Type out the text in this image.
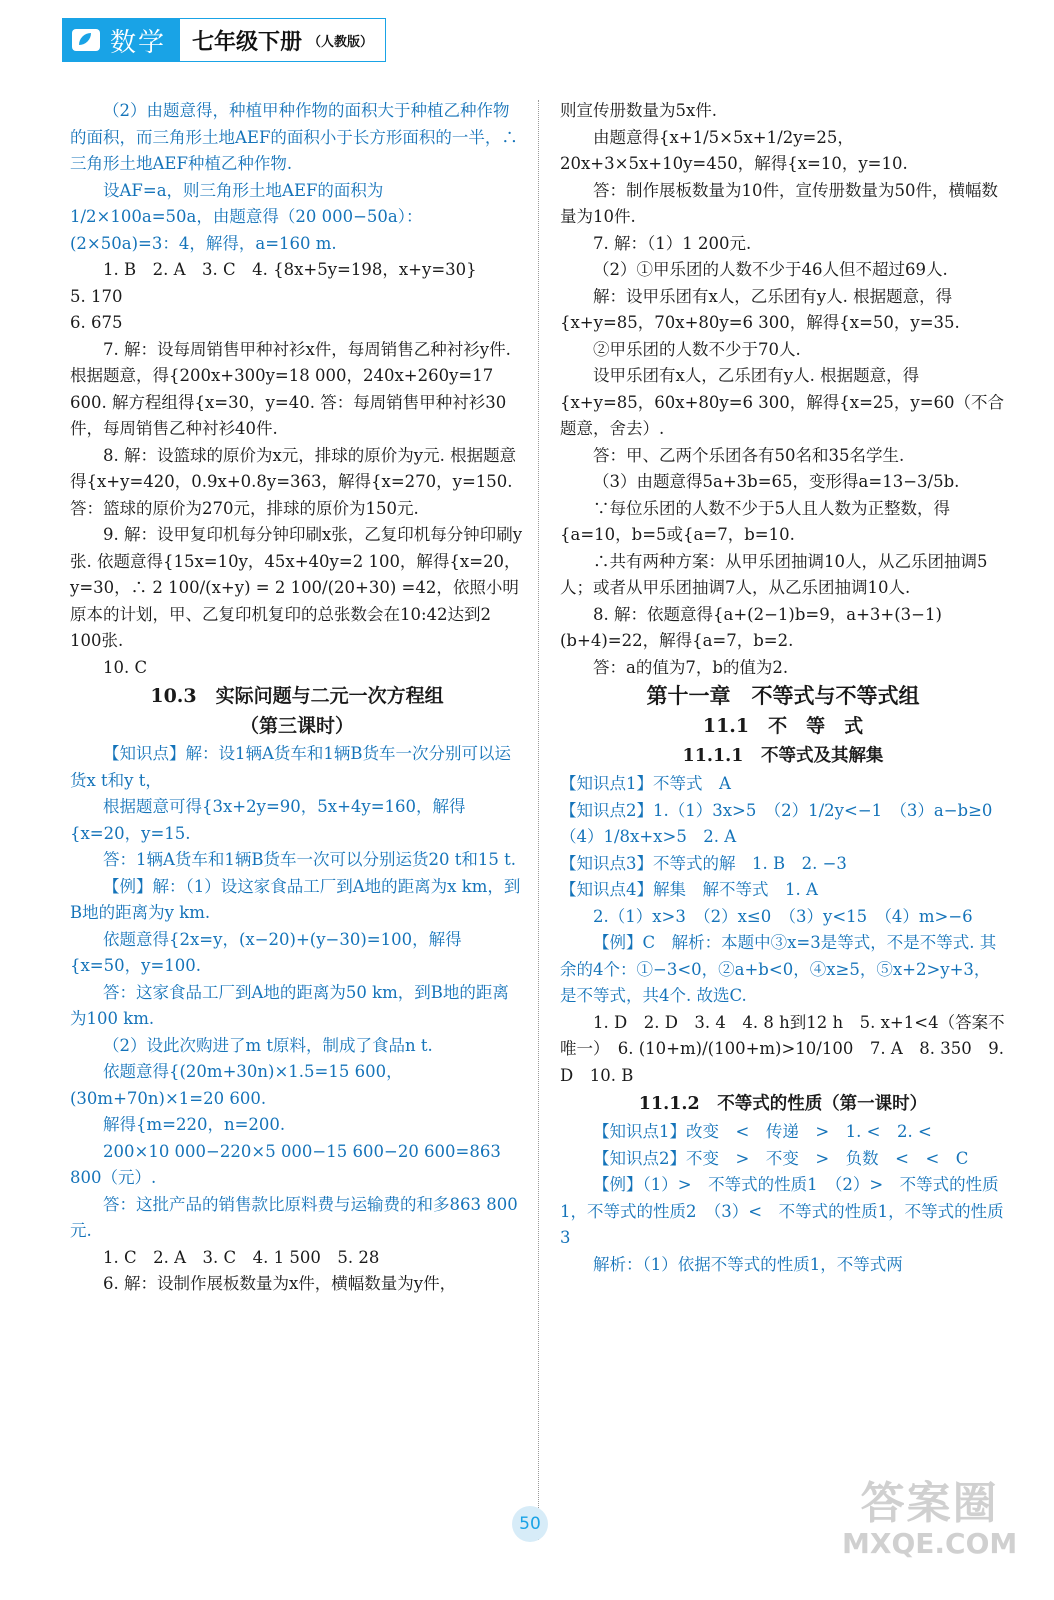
数学 七年级下册 （人教版）

（2）由题意得，种植甲种作物的面积大于种植乙种作物的面积，而三角形土地AEF的面积小于长方形面积的一半，∴三角形土地AEF种植乙种作物.

设AF=a，则三角形土地AEF的面积为1/2×100a=50a，由题意得（20 000−50a）：(2×50a)=3：4，解得，a=160 m.

1. B　2. A　3. C　4. {8x+5y=198，x+y=30}　　5. 170

6. 675

7. 解：设每周销售甲种衬衫x件，每周销售乙种衬衫y件. 根据题意，得{200x+300y=18 000，240x+260y=17 600. 解方程组得{x=30，y=40. 答：每周销售甲种衬衫30件，每周销售乙种衬衫40件.

8. 解：设篮球的原价为x元，排球的原价为y元. 根据题意得{x+y=420，0.9x+0.8y=363，解得{x=270，y=150. 答：篮球的原价为270元，排球的原价为150元.

9. 解：设甲复印机每分钟印刷x张，乙复印机每分钟印刷y张. 依题意得{15x=10y，45x+40y=2 100，解得{x=20，y=30，∴ 2 100/(x+y) = 2 100/(20+30) =42，依照小明原本的计划，甲、乙复印机复印的总张数会在10:42达到2 100张.

10. C

10.3　实际问题与二元一次方程组

（第三课时）

【知识点】解：设1辆A货车和1辆B货车一次分别可以运货x t和y t，

根据题意可得{3x+2y=90，5x+4y=160，解得{x=20，y=15.

答：1辆A货车和1辆B货车一次可以分别运货20 t和15 t.

【例】解：（1）设这家食品工厂到A地的距离为x km，到B地的距离为y km.

依题意得{2x=y，(x−20)+(y−30)=100，解得{x=50，y=100.

答：这家食品工厂到A地的距离为50 km，到B地的距离为100 km.

（2）设此次购进了m t原料，制成了食品n t.

依题意得{(20m+30n)×1.5=15 600，(30m+70n)×1=20 600.

解得{m=220，n=200.

200×10 000−220×5 000−15 600−20 600=863 800（元）.

答：这批产品的销售款比原料费与运输费的和多863 800元.

1. C　2. A　3. C　4. 1 500　5. 28

6. 解：设制作展板数量为x件，横幅数量为y件，

则宣传册数量为5x件.

由题意得{x+1/5×5x+1/2y=25，20x+3×5x+10y=450，解得{x=10，y=10.

答：制作展板数量为10件，宣传册数量为50件，横幅数量为10件.

7. 解：（1）1 200元.

（2）①甲乐团的人数不少于46人但不超过69人.

解：设甲乐团有x人，乙乐团有y人. 根据题意，得{x+y=85，70x+80y=6 300，解得{x=50，y=35.

②甲乐团的人数不少于70人.

设甲乐团有x人，乙乐团有y人. 根据题意，得{x+y=85，60x+80y=6 300，解得{x=25，y=60（不合题意，舍去）.

答：甲、乙两个乐团各有50名和35名学生.

（3）由题意得5a+3b=65，变形得a=13−3/5b.

∵每位乐团的人数不少于5人且人数为正整数，得{a=10，b=5或{a=7，b=10.

∴共有两种方案：从甲乐团抽调10人，从乙乐团抽调5人；或者从甲乐团抽调7人，从乙乐团抽调10人.

8. 解：依题意得{a+(2−1)b=9，a+3+(3−1)(b+4)=22，解得{a=7，b=2.

答：a的值为7，b的值为2.

第十一章　不等式与不等式组

11.1　不　等　式

11.1.1　不等式及其解集

【知识点1】不等式　A

【知识点2】1.（1）3x>5　（2）1/2y<−1　（3）a−b≥0　（4）1/8x+x>5　2. A

【知识点3】不等式的解　1. B　2. −3

【知识点4】解集　解不等式　1. A

2.（1）x>3　（2）x≤0　（3）y<15　（4）m>−6

【例】C　解析：本题中③x=3是等式，不是不等式. 其余的4个：①−3<0，②a+b<0，④x≥5，⑤x+2>y+3，是不等式，共4个. 故选C.

1. D　2. D　3. 4　4. 8 h到12 h　5. x+1<4（答案不唯一）　6. (10+m)/(100+m)>10/100　7. A　8. 350　9. D　10. B

11.1.2　不等式的性质（第一课时）

【知识点1】改变　<　传递　>　1. <　2. <

【知识点2】不变　>　不变　>　负数　<　<　C

【例】（1）>　不等式的性质1　（2）>　不等式的性质1，不等式的性质2　（3）<　不等式的性质1，不等式的性质3

解析：（1）依据不等式的性质1，不等式两

50	答案圈
MXQE.COM
